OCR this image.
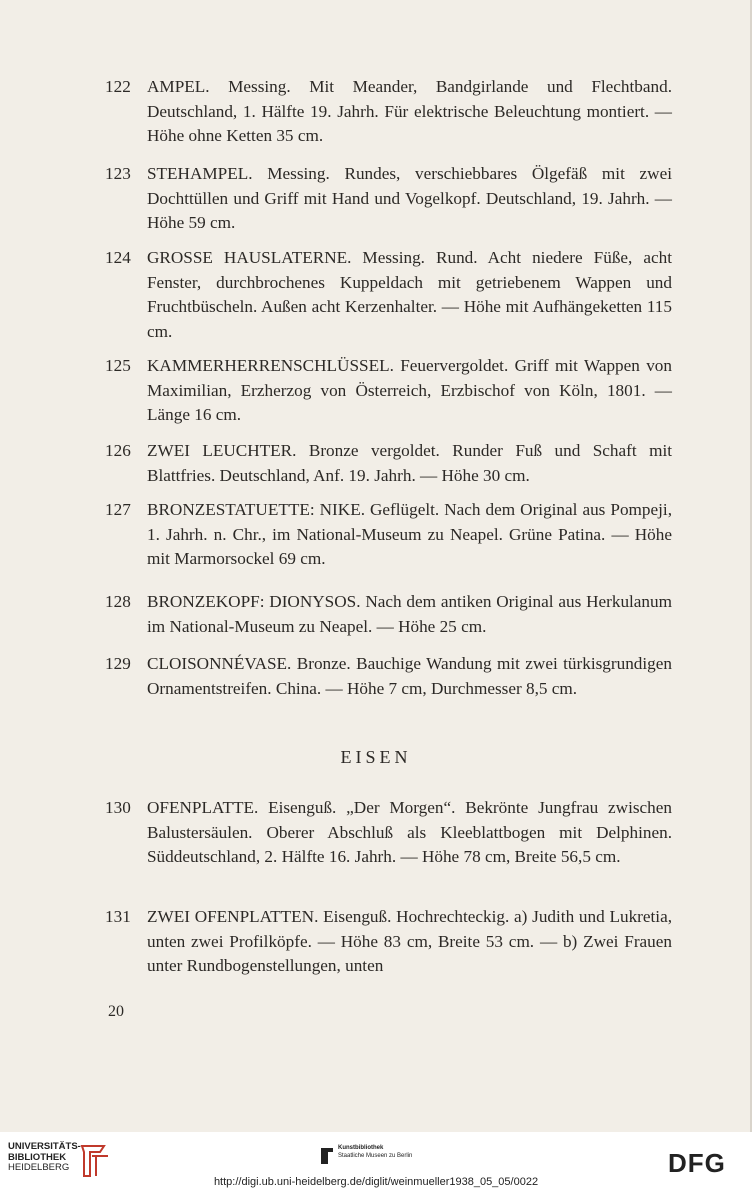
122 AMPEL. Messing. Mit Meander, Bandgirlande und Flechtband. Deutschland, 1. Hälfte 19. Jahrh. Für elektrische Beleuchtung montiert. — Höhe ohne Ketten 35 cm.
123 STEHAMPEL. Messing. Rundes, verschiebbares Ölgefäß mit zwei Dochttüllen und Griff mit Hand und Vogelkopf. Deutschland, 19. Jahrh. — Höhe 59 cm.
124 GROSSE HAUSLATERNE. Messing. Rund. Acht niedere Füße, acht Fenster, durchbrochenes Kuppeldach mit getriebenem Wappen und Fruchtbüscheln. Außen acht Kerzenhalter. — Höhe mit Aufhängeketten 115 cm.
125 KAMMERHERRENSCHLÜSSEL. Feuervergoldet. Griff mit Wappen von Maximilian, Erzherzog von Österreich, Erzbischof von Köln, 1801. — Länge 16 cm.
126 ZWEI LEUCHTER. Bronze vergoldet. Runder Fuß und Schaft mit Blattfries. Deutschland, Anf. 19. Jahrh. — Höhe 30 cm.
127 BRONZESTATUETTE: NIKE. Geflügelt. Nach dem Original aus Pompeji, 1. Jahrh. n. Chr., im National-Museum zu Neapel. Grüne Patina. — Höhe mit Marmorsockel 69 cm.
128 BRONZEKOPF: DIONYSOS. Nach dem antiken Original aus Herkulanum im National-Museum zu Neapel. — Höhe 25 cm.
129 CLOISONNÉVASE. Bronze. Bauchige Wandung mit zwei türkisgrundigen Ornamentstreifen. China. — Höhe 7 cm, Durchmesser 8,5 cm.
EISEN
130 OFENPLATTE. Eisenguß. „Der Morgen“. Bekrönte Jungfrau zwischen Balustersäulen. Oberer Abschluß als Kleeblattbogen mit Delphinen. Süddeutschland, 2. Hälfte 16. Jahrh. — Höhe 78 cm, Breite 56,5 cm.
131 ZWEI OFENPLATTEN. Eisenguß. Hochrechteckig. a) Judith und Lukretia, unten zwei Profilköpfe. — Höhe 83 cm, Breite 53 cm. — b) Zwei Frauen unter Rundbogenstellungen, unten
20
UNIVERSITÄTS-
BIBLIOTHEK
HEIDELBERG
Kunstbibliothek
Staatliche Museen zu Berlin	DFG
http://digi.ub.uni-heidelberg.de/diglit/weinmueller1938_05_05/0022
